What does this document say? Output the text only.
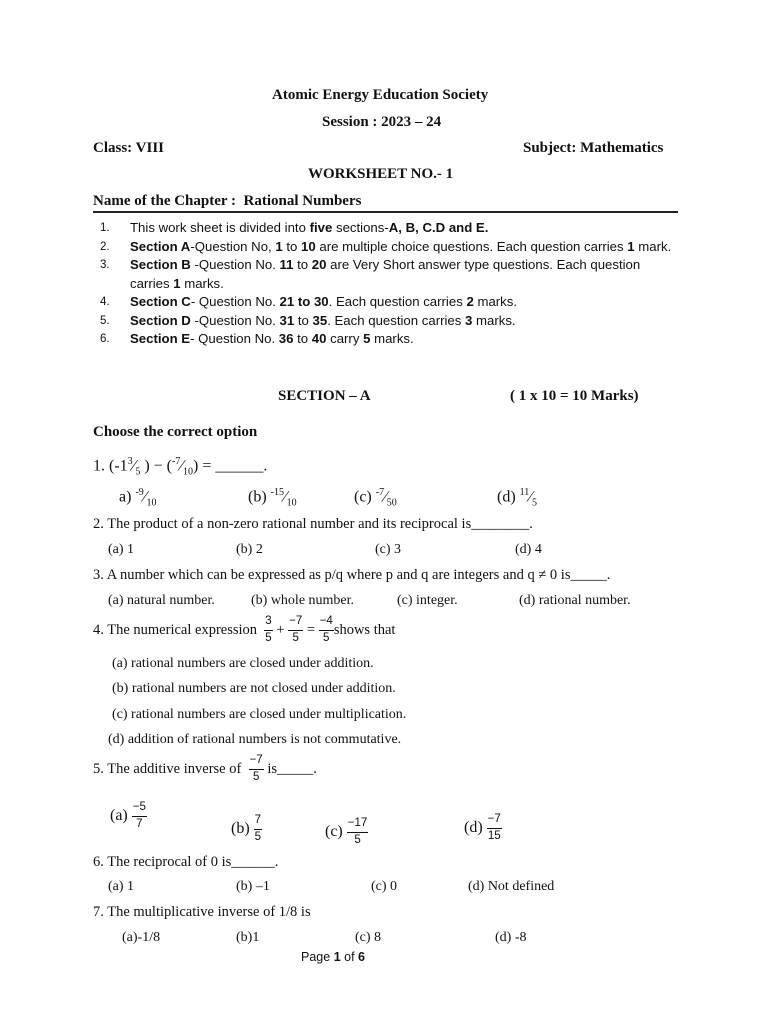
Atomic Energy Education Society
Session : 2023 – 24
Class: VIII	Subject: Mathematics
WORKSHEET NO.- 1
Name of the Chapter : Rational Numbers
1.	This work sheet is divided into five sections-A, B, C.D and E.
2.	Section A-Question No, 1 to 10 are multiple choice questions. Each question carries 1 mark.
3.	Section B -Question No. 11 to 20 are Very Short answer type questions. Each question carries 1 marks.
4.	Section C- Question No. 21 to 30. Each question carries 2 marks.
5.	Section D -Question No. 31 to 35. Each question carries 3 marks.
6.	Section E- Question No. 36 to 40 carry 5 marks.
SECTION – A	( 1 x 10 = 10 Marks)
Choose the correct option
1. ($-1^3⁄_5$ ) − $(^{-7}⁄_{10})$ = ______.
a) $^{-9}⁄_{10}$	(b) $^{-15}⁄_{10}$	(c) $^{-7}⁄_{50}$	(d) $^{11}⁄_5$
2. The product of a non-zero rational number and its reciprocal is________.
(a) 1	(b) 2	(c) 3	(d) 4
3. A number which can be expressed as p/q where p and q are integers and q ≠ 0 is_____.
(a) natural number.	(b) whole number.	(c) integer.	(d) rational number.
4. The numerical expression
$\frac{3}{5}$
+
$\frac{-7}{5}$
=
$\frac{-4}{5}$ shows that
(a) rational numbers are closed under addition.
(b) rational numbers are not closed under addition.
(c) rational numbers are closed under multiplication.
(d) addition of rational numbers is not commutative.
5. The additive inverse of
$\frac{-7}{5}$
is_____.
(a)
$\frac{-5}{7}$	(b)
$\frac{7}{5}$	(c)
$\frac{-17}{5}$	(d)
$\frac{-7}{15}$
6. The reciprocal of 0 is______.
(a) 1	(b) –1	(c) 0	(d) Not defined
7. The multiplicative inverse of 1/8 is
(a)-1/8	(b)1	(c) 8	(d) -8
Page 1 of 6
